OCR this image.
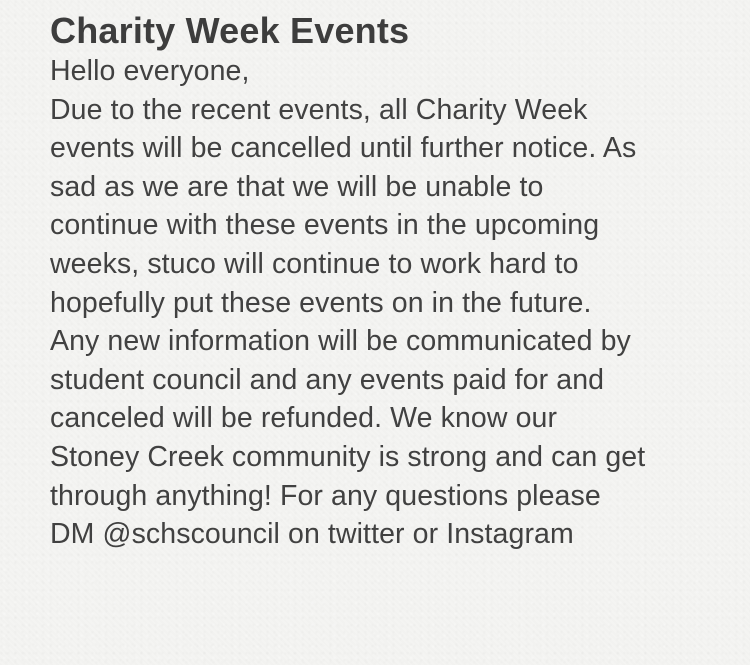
Charity Week Events
Hello everyone,
Due to the recent events, all Charity Week
events will be cancelled until further notice. As
sad as we are that we will be unable to
continue with these events in the upcoming
weeks, stuco will continue to work hard to
hopefully put these events on in the future.
Any new information will be communicated by
student council and any events paid for and
canceled will be refunded. We know our
Stoney Creek community is strong and can get
through anything! For any questions please
DM @schscouncil on twitter or Instagram
